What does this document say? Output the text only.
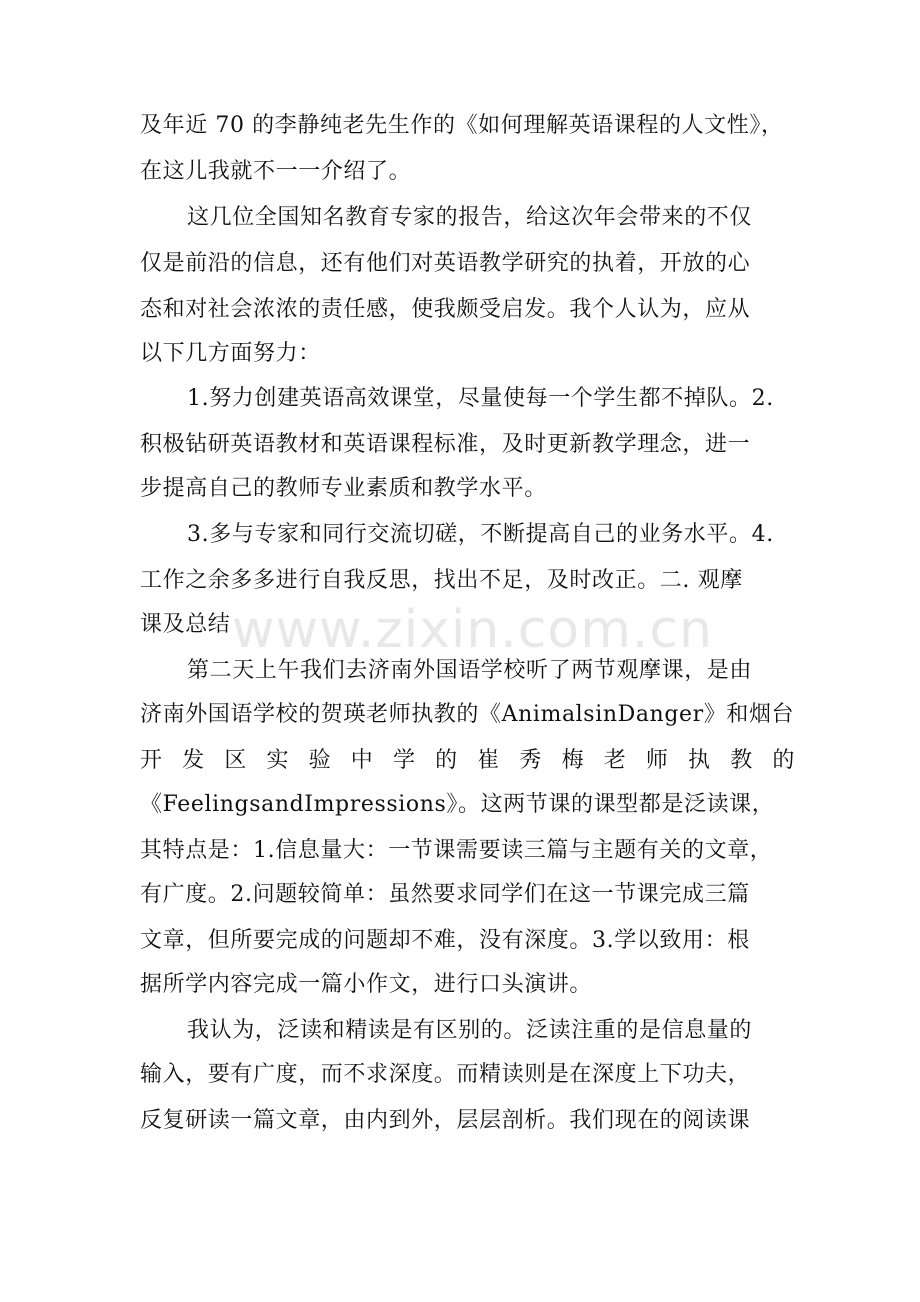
及年近 70 的李静纯老先生作的《如何理解英语课程的人文性》，
在这儿我就不一一介绍了。
这几位全国知名教育专家的报告，给这次年会带来的不仅
仅是前沿的信息，还有他们对英语教学研究的执着，开放的心
态和对社会浓浓的责任感，使我颇受启发。我个人认为，应从
以下几方面努力：
1.努力创建英语高效课堂，尽量使每一个学生都不掉队。2.
积极钻研英语教材和英语课程标准，及时更新教学理念，进一
步提高自己的教师专业素质和教学水平。
3.多与专家和同行交流切磋，不断提高自己的业务水平。4.
工作之余多多进行自我反思，找出不足，及时改正。二. 观摩
课及总结
第二天上午我们去济南外国语学校听了两节观摩课，是由
济南外国语学校的贺瑛老师执教的《AnimalsinDanger》和烟台
开 发 区 实 验 中 学 的 崔 秀 梅 老 师 执 教 的
《FeelingsandImpressions》。这两节课的课型都是泛读课，
其特点是：1.信息量大：一节课需要读三篇与主题有关的文章，
有广度。2.问题较简单：虽然要求同学们在这一节课完成三篇
文章，但所要完成的问题却不难，没有深度。3.学以致用：根
据所学内容完成一篇小作文，进行口头演讲。
我认为，泛读和精读是有区别的。泛读注重的是信息量的
输入，要有广度，而不求深度。而精读则是在深度上下功夫，
反复研读一篇文章，由内到外，层层剖析。我们现在的阅读课
www.zixin.com.cn
